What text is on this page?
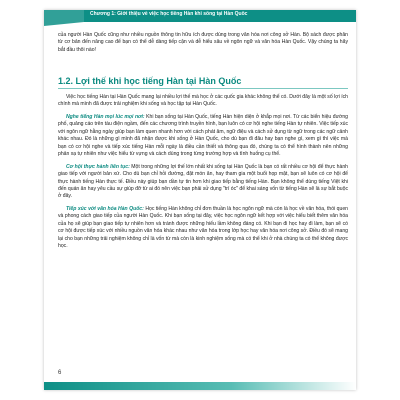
Chương 1: Giới thiệu về việc học tiếng Hàn khi sống tại Hàn Quốc
của người Hàn Quốc cũng như nhiều nguồn thông tin hữu ích được dùng trong văn hóa nơi công sở Hàn. Bộ sách được phân từ cơ bản đến nâng cao để bạn có thể dễ dàng tiếp cận và dễ hiểu sâu về ngôn ngữ và văn hóa Hàn Quốc. Vậy chúng ta hãy bắt đầu thôi nào!
1.2. Lợi thế khi học tiếng Hàn tại Hàn Quốc

Việc học tiếng Hàn tại Hàn Quốc mang lại nhiều lợi thế mà học ở các quốc gia khác không thể có. Dưới đây là một số lợi ích chính mà mình đã được trải nghiệm khi sống và học tập tại Hàn Quốc.

Nghe tiếng Hàn mọi lúc mọi nơi: Khi bạn sống tại Hàn Quốc, tiếng Hàn hiện diện ở khắp mọi nơi. Từ các biển hiệu đường phố, quảng cáo trên tàu điện ngầm, đến các chương trình truyền hình, bạn luôn có cơ hội nghe tiếng Hàn tự nhiên. Việc tiếp xúc với ngôn ngữ hằng ngày giúp bạn làm quen nhanh hơn với cách phát âm, ngữ điệu và cách sử dụng từ ngữ trong các ngữ cảnh khác nhau. Đó là những gì mình đã nhận được khi sống ở Hàn Quốc, cho dù bạn đi đâu hay bạn nghe gì, xem gì thì việc mà bạn có cơ hội nghe và tiếp xúc tiếng Hàn mỗi ngày là điều cần thiết và thông qua đó, chúng ta có thể hình thành nên những phản xạ tự nhiên như việc hiểu từ vựng và cách dùng trong từng trường hợp và tình huống cụ thể.

Cơ hội thực hành liên tục: Một trong những lợi thế lớn nhất khi sống tại Hàn Quốc là bạn có rất nhiều cơ hội để thực hành giao tiếp với người bản xứ. Cho dù bạn chỉ hỏi đường, đặt món ăn, hay tham gia một buổi họp mặt, bạn sẽ luôn có cơ hội để thực hành tiếng Hàn thực tế. Điều này giúp bạn dần tự tin hơn khi giao tiếp bằng tiếng Hàn. Bạn không thể dùng tiếng Việt khi đến quán ăn hay yêu cầu sự giúp đỡ từ ai đó nên việc bạn phải sử dụng "trí óc" để khai sáng vốn từ tiếng Hàn sẽ là sự bắt buộc ở đây.

Tiếp xúc với văn hóa Hàn Quốc: Học tiếng Hàn không chỉ đơn thuần là học ngôn ngữ mà còn là học về văn hóa, thói quen và phong cách giao tiếp của người Hàn Quốc. Khi bạn sống tại đây, việc học ngôn ngữ kết hợp với việc hiểu biết thêm văn hóa của họ sẽ giúp bạn giao tiếp tự nhiên hơn và tránh được những hiểu lầm không đáng có. Khi bạn đi học hay đi làm, bạn sẽ có cơ hội được tiếp xúc với nhiều nguồn văn hóa khác nhau như văn hóa trong lớp học hay văn hóa nơi công sở. Điều đó sẽ mang lại cho bạn những trải nghiệm không chỉ là vốn từ mà còn là kinh nghiệm sống mà có thể khi ở nhà chúng ta có thể không được học.

6
